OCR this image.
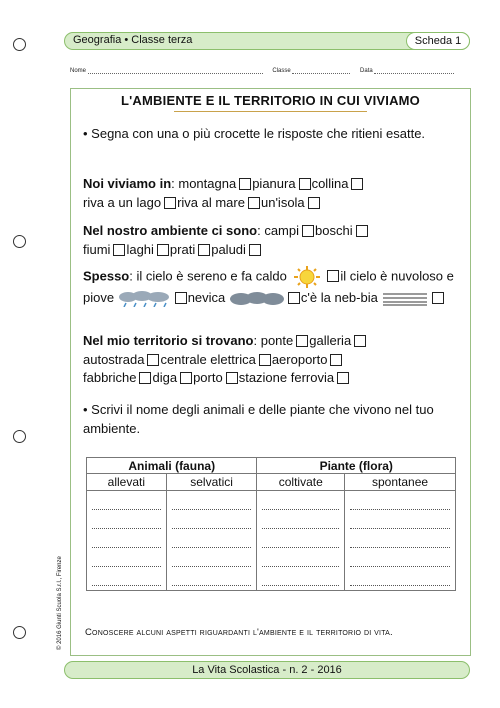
Geografia • Classe terza	Scheda 1
Nome	Classe	Data
L'AMBIENTE E IL TERRITORIO IN CUI VIVIAMO
• Segna con una o più crocette le risposte che ritieni esatte.
Noi viviamo in: montagna pianura collina
riva a un lago riva al mare un'isola
Nel nostro ambiente ci sono: campi boschi
fiumi laghi prati paludi
Spesso: il cielo è sereno e fa caldo	il cielo è nuvoloso e piove	nevica	c'è la neb-bia
Nel mio territorio si trovano: ponte galleria
autostrada centrale elettrica aeroporto
fabbriche diga porto stazione ferrovia
• Scrivi il nome degli animali e delle piante che vivono nel tuo ambiente.
Animali (fauna)		Piante (flora)	
allevati	selvatici	coltivate	spontanee

Conoscere alcuni aspetti riguardanti l'ambiente e il territorio di vita.
© 2016 Giunti Scuola S.r.l., Firenze
La Vita Scolastica - n. 2 - 2016
